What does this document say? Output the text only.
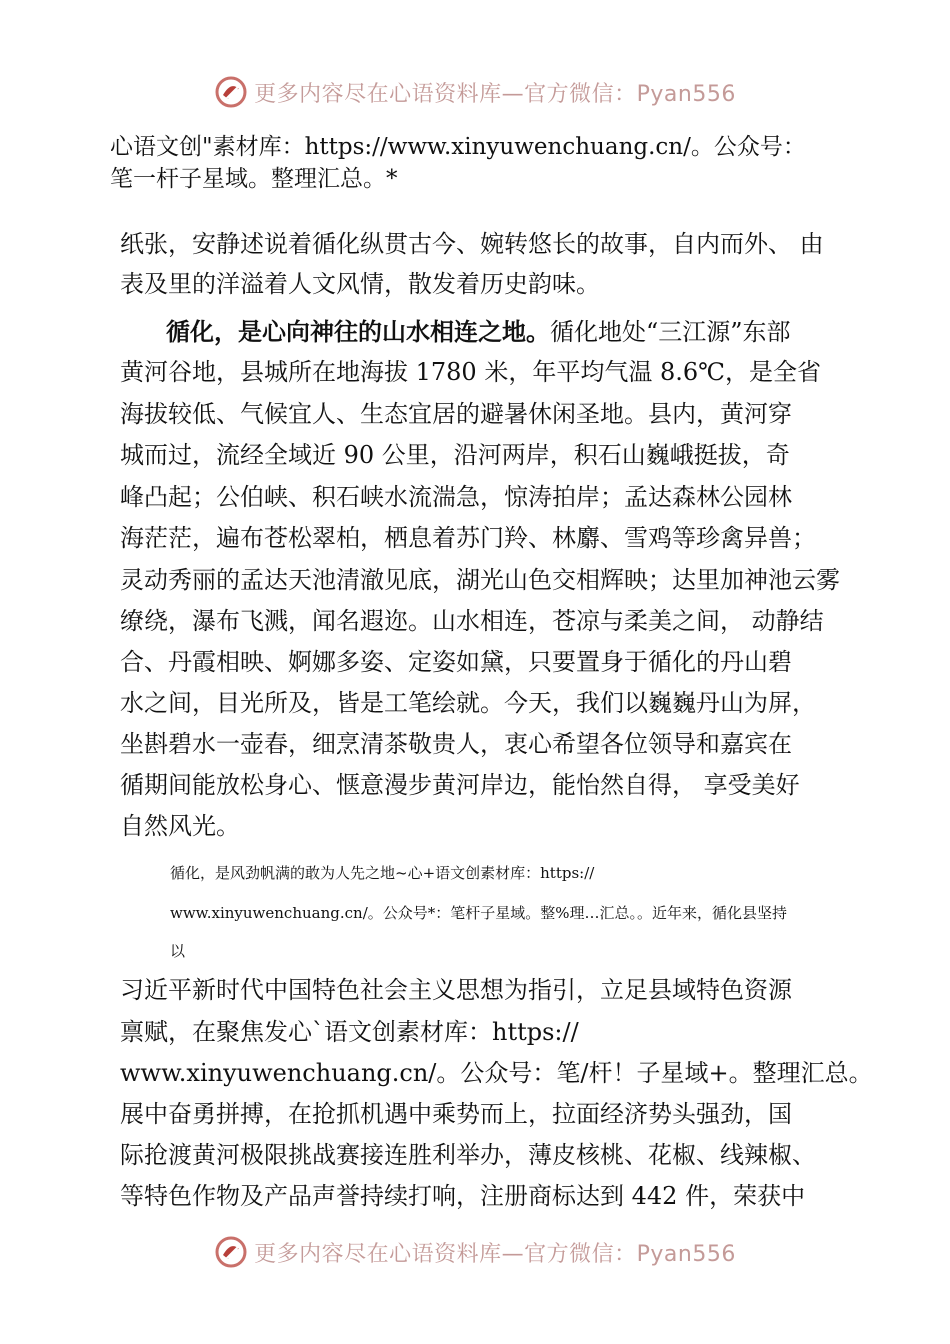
更多内容尽在心语资料库—官方微信：Pyan556
心语文创"素材库：https://www.xinyuwenchuang.cn/。公众号：
笔一杆子星域。整理汇总。*
纸张，安静述说着循化纵贯古今、婉转悠长的故事，自内而外、 由
表及里的洋溢着人文风情，散发着历史韵味。
循化，是心向神往的山水相连之地。循化地处“三江源”东部
黄河谷地，县城所在地海拔 1780 米，年平均气温 8.6℃，是全省
海拔较低、气候宜人、生态宜居的避暑休闲圣地。县内，黄河穿
城而过，流经全域近 90 公里，沿河两岸，积石山巍峨挺拔，奇
峰凸起；公伯峡、积石峡水流湍急，惊涛拍岸；孟达森林公园林
海茫茫，遍布苍松翠柏，栖息着苏门羚、林麝、雪鸡等珍禽异兽；
灵动秀丽的孟达天池清澈见底，湖光山色交相辉映；达里加神池云雾
缭绕，瀑布飞溅，闻名遐迩。山水相连，苍凉与柔美之间， 动静结
合、丹霞相映、婀娜多姿、定姿如黛，只要置身于循化的丹山碧
水之间，目光所及，皆是工笔绘就。今天，我们以巍巍丹山为屏，
坐斟碧水一壶春，细烹清茶敬贵人，衷心希望各位领导和嘉宾在
循期间能放松身心、惬意漫步黄河岸边，能怡然自得， 享受美好
自然风光。
循化，是风劲帆满的敢为人先之地~心+语文创素材库：https://
www.xinyuwenchuang.cn/。公众号*：笔杆子星域。整%理…汇总。。近年来，循化县坚持
以
习近平新时代中国特色社会主义思想为指引，立足县域特色资源
禀赋，在聚焦发心`语文创素材库：https://
www.xinyuwenchuang.cn/。公众号：笔/杆！子星域+。整理汇总。
展中奋勇拼搏，在抢抓机遇中乘势而上，拉面经济势头强劲，国
际抢渡黄河极限挑战赛接连胜利举办，薄皮核桃、花椒、线辣椒、
等特色作物及产品声誉持续打响，注册商标达到 442 件，荣获中
更多内容尽在心语资料库—官方微信：Pyan556
